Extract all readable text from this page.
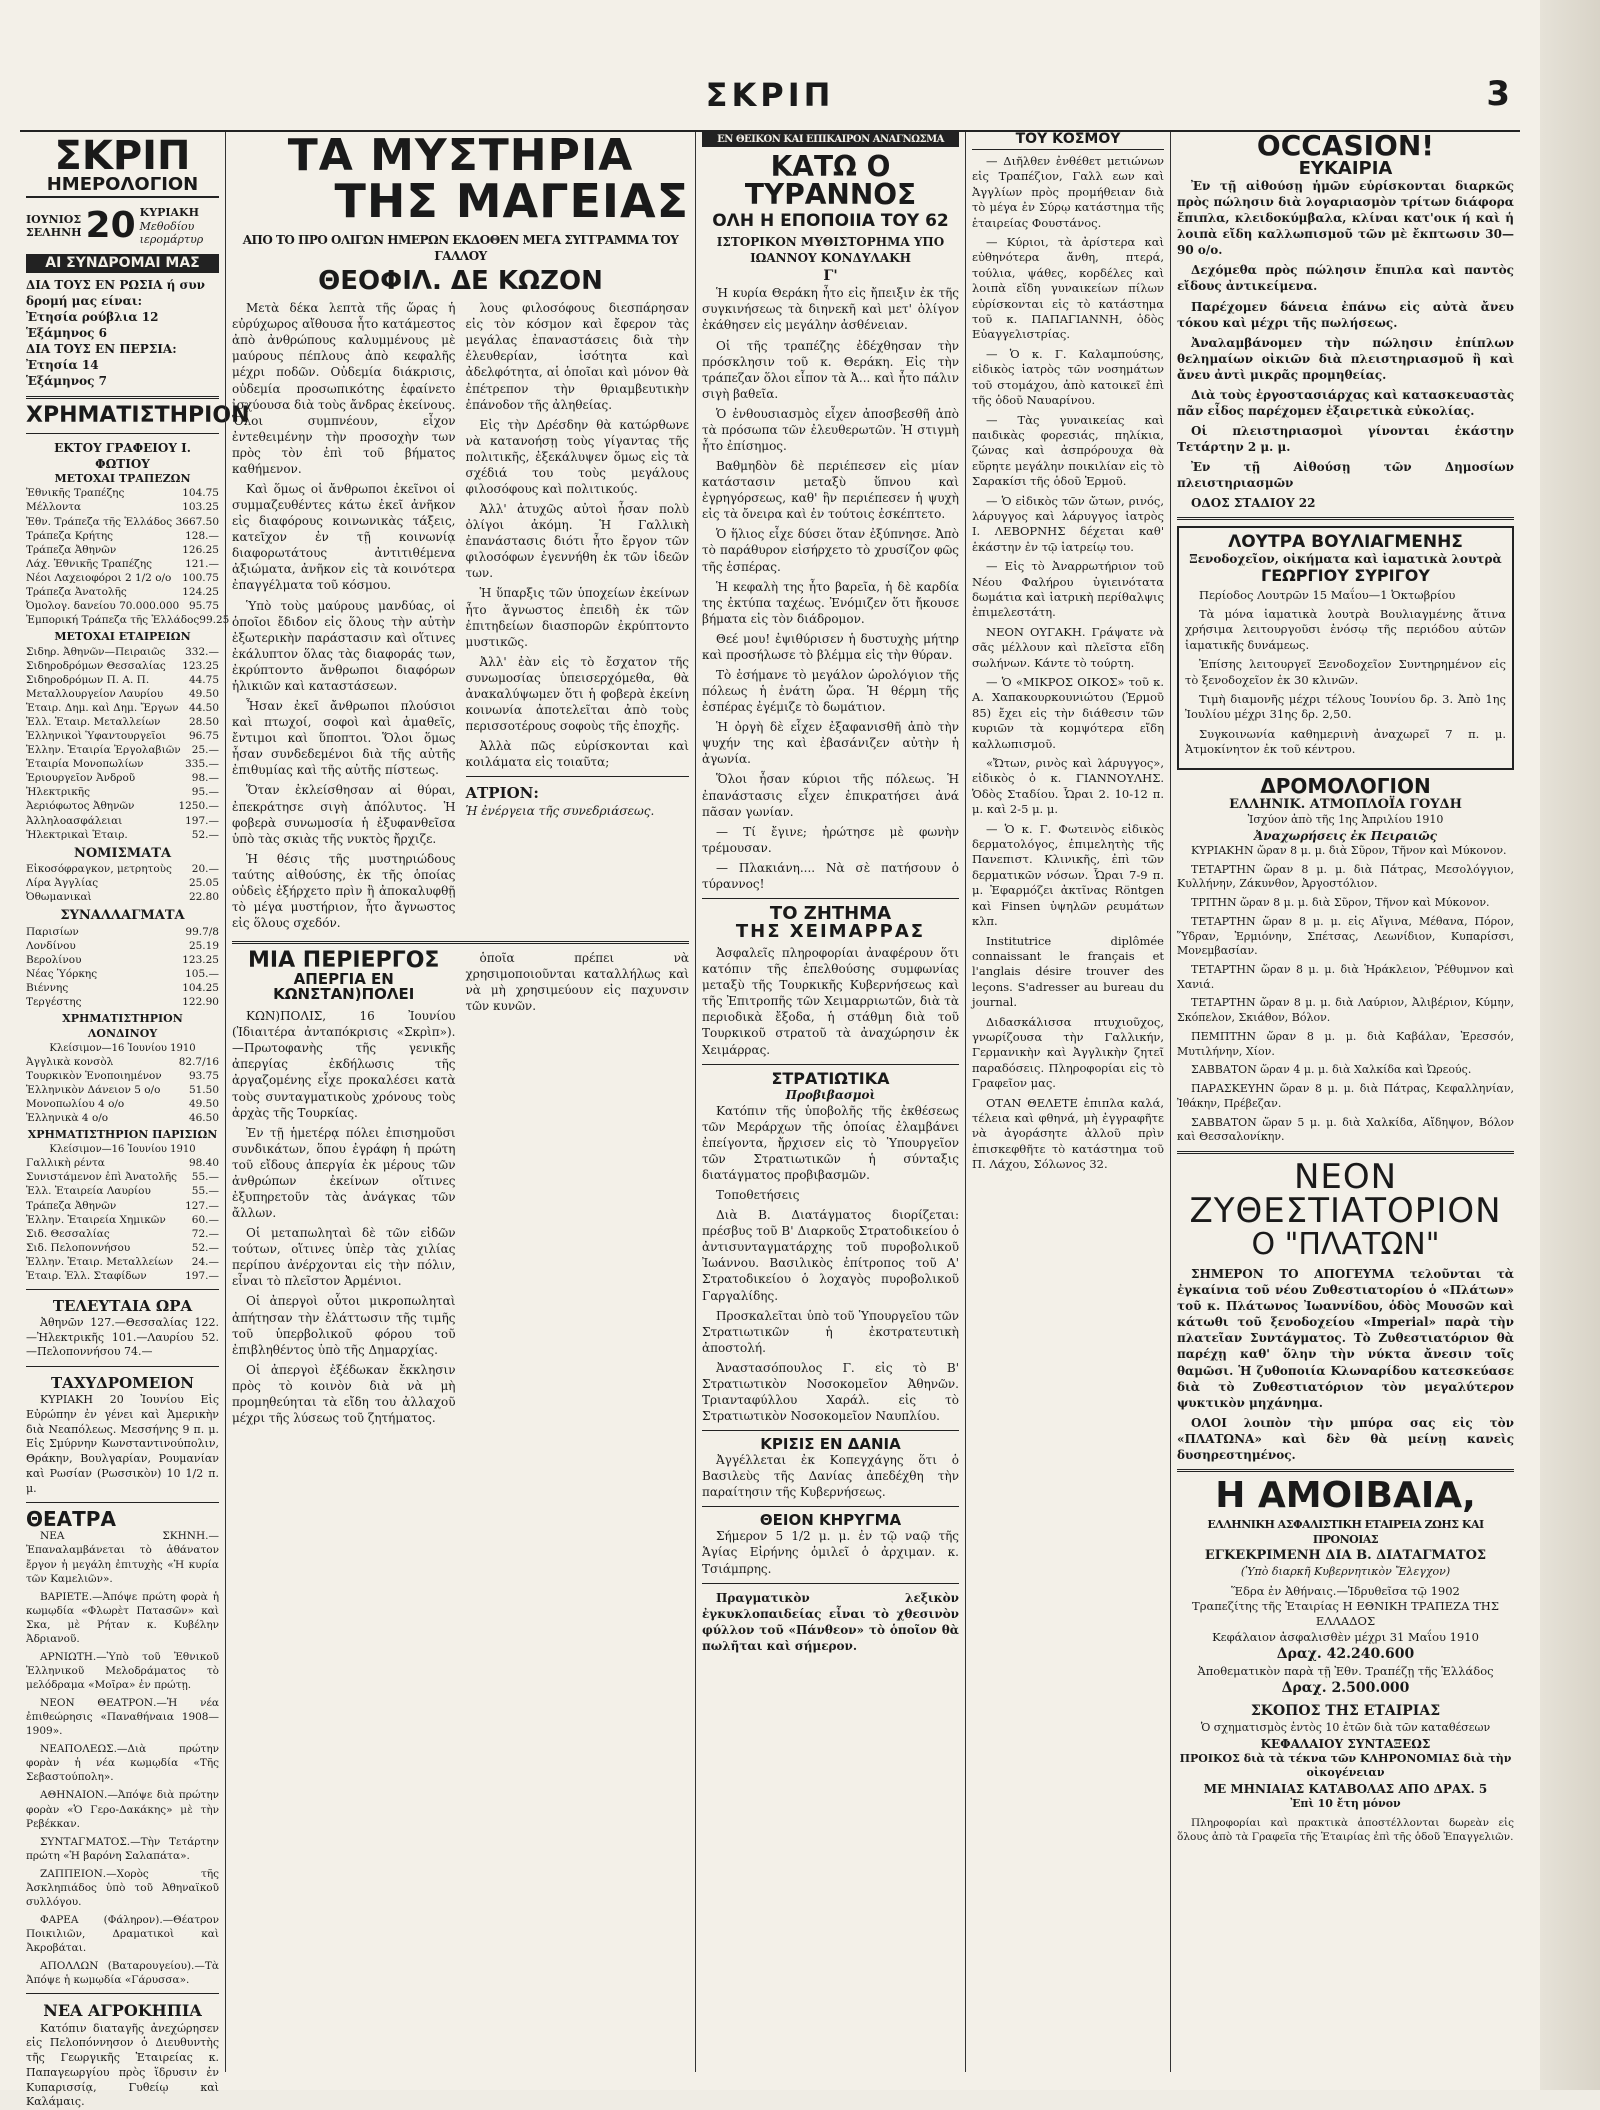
ΣΚΡΙΠ	3
ΣΚΡΙΠ
ΗΜΕΡΟΛΟΓΙΟΝ
ΙΟΥΝΙΟΣ
ΣΕΛΗΝΗ 20 ΚΥΡΙΑΚΗ
Μεθοδίου ιερομάρτυρ
ΑΙ ΣΥΝΔΡΟΜΑΙ ΜΑΣ
ΔΙΑ ΤΟΥΣ ΕΝ ΡΩΣΙΑ ή συν δρομή μας είναι:
Ἐτησία ρούβλια 12
Ἑξάμηνος 6
ΔΙΑ ΤΟΥΣ ΕΝ ΠΕΡΣΙΑ:
Ἐτησία 14
Ἑξάμηνος 7
ΧΡΗΜΑΤΙΣΤΗΡΙΟΝ
ΕΚΤΟΥ ΓΡΑΦΕΙΟΥ Ι. ΦΩΤΙΟΥ
ΜΕΤΟΧΑΙ ΤΡΑΠΕΖΩΝ
Ἐθνικῆς Τραπέζης	104.75
Μέλλοντα	103.25
Ἐθν. Τράπεζα τῆς Ἑλλάδος 3667.50
Τράπεζα Κρήτης	128.—
Τράπεζα Ἀθηνῶν	126.25
Λάχ. Ἐθνικῆς Τραπέζης	121.—
Νέοι Λαχειοφόροι 2 1/2 ο/ο 100.75
Τράπεζα Ἀνατολῆς	124.25
Ὀμολογ. δανείου 70.000.000 95.75
Ἐμπορική Τράπεζα τῆς Ἑλλάδος 99.25
ΜΕΤΟΧΑΙ ΕΤΑΙΡΕΙΩΝ
Σιδηρ. Ἀθηνῶν—Πειραιῶς 332.—
Σιδηροδρόμων Θεσσαλίας 123.25
Σιδηροδρόμων Π. Α. Π.	44.75
Μεταλλουργείον Λαυρίου 49.50
Ἑταιρ. Δημ. καὶ Δημ. Ἔργων 44.50
Ἑλλ. Ἑταιρ. Μεταλλείων	28.50
Ἑλληνικοὶ Ὑφαντουργεῖοι 96.75
Ἑλλην. Ἑταιρία Ἐργολαβιῶν 25.—
Ἑταιρία Μονοπωλίων	335.—
Ἐριουργεῖον Ἀνδροῦ	98.—
Ἠλεκτρικῆς	95.—
Ἀεριόφωτος Ἀθηνῶν	1250.—
Ἀλληλοασφάλειαι	197.—
Ἠλεκτρικαὶ Ἑταιρ.	52.—
ΝΟΜΙΣΜΑΤΑ
Εἰκοσόφραγκον, μετρητοὺς 20.—
Λίρα Ἀγγλίας	25.05
Ὀθωμανικαὶ	22.80
ΣΥΝΑΛΛΑΓΜΑΤΑ
Παρισίων	99.7/8
Λονδίνου	25.19
Βερολίνου	123.25
Νέας Ὑόρκης	105.—
Βιέννης	104.25
Τεργέστης	122.90
ΧΡΗΜΑΤΙΣΤΗΡΙΟΝ ΛΟΝΔΙΝΟΥ
Κλείσιμον—16 Ἰουνίου 1910
Ἀγγλικὰ κονσὸλ	82.7/16
Τουρκικὸν Ἑνοποιημένον	93.75
Ἑλληνικὸν Δάνειον 5 ο/ο	51.50
Μονοπωλίου 4 ο/ο	49.50
Ἑλληνικὰ 4 ο/ο	46.50
ΧΡΗΜΑΤΙΣΤΗΡΙΟΝ ΠΑΡΙΣΙΩΝ
Κλείσιμον—16 Ἰουνίου 1910
Γαλλικὴ ρέντα	98.40
Συνιστάμενον ἐπὶ Ἀνατολῆς 55.—
Ἑλλ. Ἑταιρεία Λαυρίου	55.—
Τράπεζα Ἀθηνῶν	127.—
Ἑλλην. Ἑταιρεία Χημικῶν 60.—
Σιδ. Θεσσαλίας	72.—
Σιδ. Πελοποννήσου	52.—
Ἑλλην. Ἑταιρ. Μεταλλείων 24.—
Ἑταιρ. Ἑλλ. Σταφίδων	197.—
ΤΕΛΕΥΤΑΙΑ ΩΡΑ

Ἀθηνῶν 127.—Θεσσαλίας 122.—Ἠλεκτρικῆς 101.—Λαυρίου 52.—Πελοποννήσου 74.—

ΤΑΧΥΔΡΟΜΕΙΟΝ

ΚΥΡΙΑΚΗ 20 Ἰουνίου Εἰς Εὐρώπην ἐν γένει καὶ Ἀμερικὴν διὰ Νεαπόλεως. Μεσσήνης 9 π. μ. Εἰς Σμύρνην Κωνσταντινούπολιν, Θράκην, Βουλγαρίαν, Ρουμανίαν καὶ Ρωσίαν (Ρωσσικὸν) 10 1/2 π. μ.

ΘΕΑΤΡΑ

ΝΕΑ ΣΚΗΝΗ.—Ἐπαναλαμβάνεται τὸ ἀθάνατον ἔργον ἡ μεγάλη ἐπιτυχὴς «Ἡ κυρία τῶν Καμελιῶν».

ΒΑΡΙΕΤΕ.—Ἀπόψε πρώτη φορὰ ἡ κωμῳδία «Φλωρὲτ Πατασῶν» καὶ Σκα, μὲ Ρήταν κ. Κυβέλην Ἀδριανοῦ.

ΑΡΝΙΩΤΗ.—Ὑπὸ τοῦ Ἐθνικοῦ Ἑλληνικοῦ Μελοδράματος τὸ μελόδραμα «Μοῖρα» ἐν πρώτῃ.

ΝΕΟΝ ΘΕΑΤΡΟΝ.—Ἡ νέα ἐπιθεώρησις «Παναθήναια 1908—1909».

ΝΕΑΠΟΛΕΩΣ.—Διὰ πρώτην φορὰν ἡ νέα κωμῳδία «Τῆς Σεβαστούπολη».

ΑΘΗΝΑΙΟΝ.—Ἀπόψε διὰ πρώτην φορὰν «Ὁ Γερο-Δακάκης» μὲ τὴν Ρεβέκκαν.

ΣΥΝΤΑΓΜΑΤΟΣ.—Τὴν Τετάρτην πρώτη «Ἡ βαρόνη Σαλαπάτα».

ΖΑΠΠΕΙΟΝ.—Χορὸς τῆς Ἀσκληπιάδος ὑπὸ τοῦ Ἀθηναϊκοῦ συλλόγου.

ΦΑΡΕΑ (Φάληρον).—Θέατρον Ποικιλιῶν, Δραματικοὶ καὶ Ἀκροβάται.

ΑΠΟΛΛΩΝ (Βαταρουγείου).—Τὰ Ἀπόψε ἡ κωμῳδία «Γάρυσσα».

ΝΕΑ ΑΓΡΟΚΗΠΙΑ

Κατόπιν διαταγῆς ἀνεχώρησεν εἰς Πελοπόννησον ὁ Διευθυντὴς τῆς Γεωργικῆς Ἑταιρείας κ. Παπαγεωργίου πρὸς ἵδρυσιν ἐν Κυπαρισσίᾳ, Γυθείῳ καὶ Καλάμαις.

ΤΑ ΜΥΣΤΗΡΙΑ
ΤΗΣ ΜΑΓΕΙΑΣ
ΑΠΟ ΤΟ ΠΡΟ ΟΛΙΓΩΝ ΗΜΕΡΩΝ ΕΚΔΟΘΕΝ ΜΕΓΑ ΣΥΓΓΡΑΜΜΑ ΤΟΥ ΓΑΛΛΟΥ
ΘΕΟΦΙΛ. ΔΕ ΚΩΖΟΝ

Μετὰ δέκα λεπτὰ τῆς ὥρας ἡ εὐρύχωρος αἴθουσα ἦτο κατάμεστος ἀπὸ ἀνθρώπους καλυμμένους μὲ μαύρους πέπλους ἀπὸ κεφαλῆς μέχρι ποδῶν. Οὐδεμία διάκρισις, οὐδεμία προσωπικότης ἐφαίνετο ἰσχύουσα διὰ τοὺς ἄνδρας ἐκείνους. Ὅλοι συμπνέουν, εἶχον ἐντεθειμένην τὴν προσοχὴν των πρὸς τὸν ἐπὶ τοῦ βήματος καθήμενον.

Καὶ ὅμως οἱ ἄνθρωποι ἐκεῖνοι οἱ συμμαζευθέντες κάτω ἐκεῖ ἀνῆκον εἰς διαφόρους κοινωνικὰς τάξεις, κατεῖχον ἐν τῇ κοινωνίᾳ διαφορωτάτους ἀντιτιθέμενα ἀξιώματα, ἀνῆκον εἰς τὰ κοινότερα ἐπαγγέλματα τοῦ κόσμου.

Ὑπὸ τοὺς μαύρους μανδύας, οἱ ὁποῖοι ἔδιδον εἰς ὅλους τὴν αὐτὴν ἐξωτερικὴν παράστασιν καὶ οἵτινες ἐκάλυπτον ὅλας τὰς διαφοράς των, ἐκρύπτοντο ἄνθρωποι διαφόρων ἡλικιῶν καὶ καταστάσεων.

Ἦσαν ἐκεῖ ἄνθρωποι πλούσιοι καὶ πτωχοί, σοφοὶ καὶ ἀμαθεῖς, ἔντιμοι καὶ ὕποπτοι. Ὅλοι ὅμως ἦσαν συνδεδεμένοι διὰ τῆς αὐτῆς ἐπιθυμίας καὶ τῆς αὐτῆς πίστεως.

Ὅταν ἐκλείσθησαν αἱ θύραι, ἐπεκράτησε σιγὴ ἀπόλυτος. Ἡ φοβερὰ συνωμοσία ἡ ἐξυφανθεῖσα ὑπὸ τὰς σκιὰς τῆς νυκτὸς ἤρχιζε.

Ἡ θέσις τῆς μυστηριώδους ταύτης αἰθούσης, ἐκ τῆς ὁποίας οὐδεὶς ἐξήρχετο πρὶν ἢ ἀποκαλυφθῇ τὸ μέγα μυστήριον, ἦτο ἄγνωστος εἰς ὅλους σχεδόν.

λους φιλοσόφους διεσπάρησαν εἰς τὸν κόσμον καὶ ἔφερον τὰς μεγάλας ἐπαναστάσεις διὰ τὴν ἐλευθερίαν, ἰσότητα καὶ ἀδελφότητα, αἱ ὁποῖαι καὶ μόνον θὰ ἐπέτρεπον τὴν θριαμβευτικὴν ἐπάνοδον τῆς ἀληθείας.

Εἰς τὴν Δρέσδην θὰ κατώρθωνε νὰ κατανοήσῃ τοὺς γίγαντας τῆς πολιτικῆς, ἐξεκάλυψεν ὅμως εἰς τὰ σχέδιά του τοὺς μεγάλους φιλοσόφους καὶ πολιτικούς.

Ἀλλ' ἀτυχῶς αὐτοὶ ἦσαν πολὺ ὀλίγοι ἀκόμη. Ἡ Γαλλικὴ ἐπανάστασις διότι ἦτο ἔργον τῶν φιλοσόφων ἐγεννήθη ἐκ τῶν ἰδεῶν των.

Ἡ ὕπαρξις τῶν ὑποχείων ἐκείνων ἦτο ἄγνωστος ἐπειδὴ ἐκ τῶν ἐπιτηδείων διασπορῶν ἐκρύπτοντο μυστικῶς.

Ἀλλ' ἐὰν εἰς τὸ ἔσχατον τῆς συνωμοσίας ὑπεισερχόμεθα, θὰ ἀνακαλύψωμεν ὅτι ἡ φοβερὰ ἐκείνη κοινωνία ἀποτελεῖται ἀπὸ τοὺς περισσοτέρους σοφοὺς τῆς ἐποχῆς.

Ἀλλὰ πῶς εὑρίσκονται καὶ κοιλάματα εἰς τοιαῦτα;

ΑΤΡΙΟΝ:
Ἡ ἐνέργεια τῆς συνεδριάσεως.
ΜΙΑ ΠΕΡΙΕΡΓΟΣ
ΑΠΕΡΓΙΑ ΕΝ ΚΩΝΣΤΑΝ)ΠΟΛΕΙ

ΚΩΝ)ΠΟΛΙΣ, 16 Ἰουνίου (Ἰδιαιτέρα ἀνταπόκρισις «Σκρὶπ»).—Πρωτοφανὴς τῆς γενικῆς ἀπεργίας ἐκδήλωσις τῆς ἀργαζομένης εἶχε προκαλέσει κατὰ τοὺς συνταγματικοὺς χρόνους τοὺς ἀρχὰς τῆς Τουρκίας.

Ἐν τῇ ἡμετέρᾳ πόλει ἐπισημοῦσι συνδικάτων, ὅπου ἐγράφη ἡ πρώτη τοῦ εἴδους ἀπεργία ἐκ μέρους τῶν ἀνθρώπων ἐκείνων οἵτινες ἐξυπηρετοῦν τὰς ἀνάγκας τῶν ἄλλων.

Οἱ μεταπωληταὶ δὲ τῶν εἰδῶν τούτων, οἵτινες ὑπὲρ τὰς χιλίας περίπου ἀνέρχονται εἰς τὴν πόλιν, εἶναι τὸ πλεῖστον Ἀρμένιοι.

Οἱ ἀπεργοὶ οὗτοι μικροπωληταὶ ἀπήτησαν τὴν ἐλάττωσιν τῆς τιμῆς τοῦ ὑπερβολικοῦ φόρου τοῦ ἐπιβληθέντος ὑπὸ τῆς Δημαρχίας.

Οἱ ἀπεργοὶ ἐξέδωκαν ἔκκλησιν πρὸς τὸ κοινὸν διὰ νὰ μὴ προμηθεύηται τὰ εἴδη του ἀλλαχοῦ μέχρι τῆς λύσεως τοῦ ζητήματος.

ὁποῖα πρέπει νὰ χρησιμοποιοῦνται καταλλήλως καὶ νὰ μὴ χρησιμεύουν εἰς παχυνσιν τῶν κυνῶν.

ΕΝ ΘΕΙΚΟΝ ΚΑΙ ΕΠΙΚΑΙΡΟΝ ΑΝΑΓΝΩΣΜΑ
ΚΑΤΩ Ο ΤΥΡΑΝΝΟΣ
ΟΛΗ Η ΕΠΟΠΟΙΙΑ ΤΟΥ 62
ΙΣΤΟΡΙΚΟΝ ΜΥΘΙΣΤΟΡΗΜΑ ΥΠΟ
ΙΩΑΝΝΟΥ ΚΟΝΔΥΛΑΚΗ
Γ'

Ἡ κυρία Θεράκη ἦτο εἰς ἤπειξιν ἐκ τῆς συγκινήσεως τὰ διηνεκῆ καὶ μετ' ὀλίγον ἐκάθησεν εἰς μεγάλην ἀσθένειαν.

Οἱ τῆς τραπέζης ἐδέχθησαν τὴν πρόσκλησιν τοῦ κ. Θεράκη. Εἰς τὴν τράπεζαν ὅλοι εἶπον τὰ Ἀ... καὶ ἦτο πάλιν σιγὴ βαθεῖα.

Ὁ ἐνθουσιασμὸς εἶχεν ἀποσβεσθῆ ἀπὸ τὰ πρόσωπα τῶν ἐλευθερωτῶν. Ἡ στιγμὴ ἦτο ἐπίσημος.

Βαθμηδὸν δὲ περιέπεσεν εἰς μίαν κατάστασιν μεταξὺ ὕπνου καὶ ἐγρηγόρσεως, καθ' ἣν περιέπεσεν ἡ ψυχὴ εἰς τὰ ὄνειρα καὶ ἐν τούτοις ἐσκέπτετο.

Ὁ ἥλιος εἶχε δύσει ὅταν ἐξύπνησε. Ἀπὸ τὸ παράθυρον εἰσήρχετο τὸ χρυσίζον φῶς τῆς ἑσπέρας.

Ἡ κεφαλὴ της ἦτο βαρεῖα, ἡ δὲ καρδία της ἐκτύπα ταχέως. Ἐνόμιζεν ὅτι ἤκουσε βήματα εἰς τὸν διάδρομον.

Θεέ μου! ἐψιθύρισεν ἡ δυστυχὴς μήτηρ καὶ προσήλωσε τὸ βλέμμα εἰς τὴν θύραν.

Τὸ ἐσήμανε τὸ μεγάλον ὡρολόγιον τῆς πόλεως ἡ ἐνάτη ὥρα. Ἡ θέρμη τῆς ἐσπέρας ἐγέμιζε τὸ δωμάτιον.

Ἡ ὀργὴ δὲ εἶχεν ἐξαφανισθῆ ἀπὸ τὴν ψυχήν της καὶ ἐβασάνιζεν αὐτὴν ἡ ἀγωνία.

Ὅλοι ἦσαν κύριοι τῆς πόλεως. Ἡ ἐπανάστασις εἶχεν ἐπικρατήσει ἀνά πᾶσαν γωνίαν.

— Τί ἔγινε; ἠρώτησε μὲ φωνὴν τρέμουσαν.

— Πλακιάνη.... Νὰ σὲ πατήσουν ὁ τύραννος!

ΤΟ ΖΗΤΗΜΑ
ΤΗΣ ΧΕΙΜΑΡΡΑΣ

Ἀσφαλεῖς πληροφορίαι ἀναφέρουν ὅτι κατόπιν τῆς ἐπελθούσης συμφωνίας μεταξὺ τῆς Τουρκικῆς Κυβερνήσεως καὶ τῆς Ἐπιτροπῆς τῶν Χειμαρριωτῶν, διὰ τὰ περιοδικὰ ἔξοδα, ἡ στάθμη διὰ τοῦ Τουρκικοῦ στρατοῦ τὰ ἀναχώρησιν ἐκ Χειμάρρας.

ΣΤΡΑΤΙΩΤΙΚΑ
Προβιβασμοὶ

Κατόπιν τῆς ὑποβολῆς τῆς ἐκθέσεως τῶν Μεράρχων τῆς ὁποίας ἐλαμβάνει ἐπείγοντα, ἤρχισεν εἰς τὸ Ὑπουργεῖον τῶν Στρατιωτικῶν ἡ σύνταξις διατάγματος προβιβασμῶν.

Τοποθετήσεις

Διὰ Β. Διατάγματος διορίζεται: πρέσβυς τοῦ Β' Διαρκοῦς Στρατοδικείου ὁ ἀντισυνταγματάρχης τοῦ πυροβολικοῦ Ἰωάννου. Βασιλικὸς ἐπίτροπος τοῦ Α' Στρατοδικείου ὁ λοχαγὸς πυροβολικοῦ Γαργαλίδης.

Προσκαλεῖται ὑπὸ τοῦ Ὑπουργεῖου τῶν Στρατιωτικῶν ἡ ἐκστρατευτικὴ ἀποστολή.

Ἀναστασόπουλος Γ. εἰς τὸ Β' Στρατιωτικὸν Νοσοκομεῖον Ἀθηνῶν. Τριανταφύλλου Χαράλ. εἰς τὸ Στρατιωτικὸν Νοσοκομεῖον Ναυπλίου.

ΚΡΙΣΙΣ ΕΝ ΔΑΝΙΑ

Ἀγγέλλεται ἐκ Κοπεγχάγης ὅτι ὁ Βασιλεὺς τῆς Δανίας ἀπεδέχθη τὴν παραίτησιν τῆς Κυβερνήσεως.

ΘΕΙΟΝ ΚΗΡΥΓΜΑ

Σήμερον 5 1/2 μ. μ. ἐν τῷ ναῷ τῆς Ἁγίας Εἰρήνης ὁμιλεῖ ὁ ἀρχιμαν. κ. Τσιάμπρης.

Πραγματικὸν λεξικὸν ἐγκυκλοπαιδείας εἶναι τὸ χθεσινὸν φύλλον τοῦ «Πάνθεον» τὸ ὁποῖον θὰ πωλῆται καὶ σήμερον.

ΤΟΥ ΚΟΣΜΟΥ

— Διῆλθεν ἐνθέθετ μετιώνων εἰς Τραπέζιον, Γαλλ εων καὶ Ἀγγλίων πρὸς προμήθειαν διὰ τὸ μέγα ἐν Σύρῳ κατάστημα τῆς ἑταιρείας Φουστάνος.

— Κύριοι, τὰ ἀρίστερα καὶ εὐθηνότερα ἄνθη, πτερά, τούλια, ψάθες, κορδέλες καὶ λοιπὰ εἴδη γυναικείων πίλων εὑρίσκονται εἰς τὸ κατάστημα τοῦ κ. ΠΑΠΑΓΙΑΝΝΗ, ὁδὸς Εὐαγγελιστρίας.

— Ὁ κ. Γ. Καλαμπούσης, εἰδικὸς ἰατρὸς τῶν νοσημάτων τοῦ στομάχου, ἀπὸ κατοικεῖ ἐπὶ τῆς ὁδοῦ Ναυαρίνου.

— Τὰς γυναικείας καὶ παιδικὰς φορεσιάς, πηλίκια, ζώνας καὶ ἀσπρόρουχα θὰ εὕρητε μεγάλην ποικιλίαν εἰς τὸ Σαρακίσι τῆς ὁδοῦ Ἑρμοῦ.

— Ὁ εἰδικὸς τῶν ὤτων, ρινός, λάρυγγος καὶ λάρυγγος ἰατρὸς Ι. ΛΕΒΟΡΝΗΣ δέχεται καθ' ἑκάστην ἐν τῷ ἰατρείῳ του.

— Εἰς τὸ Ἀναρρωτήριον τοῦ Νέου Φαλήρου ὑγιεινότατα δωμάτια καὶ ἰατρικὴ περίθαλψις ἐπιμελεστάτη.

ΝΕΟΝ ΟΥΓΑΚΗ. Γράψατε νὰ σᾶς μέλλουν καὶ πλεῖστα εἴδη σωλήνων. Κάντε τὸ τούρτη.

— Ὁ «ΜΙΚΡΟΣ ΟΙΚΟΣ» τοῦ κ. Α. Χαπακουρκουνιώτου (Ἑρμοῦ 85) ἔχει εἰς τὴν διάθεσιν τῶν κυριῶν τὰ κομψότερα εἴδη καλλωπισμοῦ.

«Ὤτων, ρινὸς καὶ λάρυγγος», εἰδικὸς ὁ κ. ΓΙΑΝΝΟΥΛΗΣ. Ὁδὸς Σταδίου. Ὧραι 2. 10-12 π. μ. καὶ 2-5 μ. μ.

— Ὁ κ. Γ. Φωτεινὸς εἰδικὸς δερματολόγος, ἐπιμελητὴς τῆς Πανεπιστ. Κλινικῆς, ἐπὶ τῶν δερματικῶν νόσων. Ὧραι 7-9 π. μ. Ἐφαρμόζει ἀκτῖνας Röntgen καὶ Finsen ὑψηλῶν ρευμάτων κλπ.

Institutrice diplômée connaissant le français et l'anglais désire trouver des leçons. S'adresser au bureau du journal.

Διδασκάλισσα πτυχιοῦχος, γνωρίζουσα τὴν Γαλλικήν, Γερμανικὴν καὶ Ἀγγλικὴν ζητεῖ παραδόσεις. Πληροφορίαι εἰς τὸ Γραφεῖον μας.

ΟΤΑΝ ΘΕΛΕΤΕ ἐπιπλα καλά, τέλεια καὶ φθηνά, μὴ ἐγγραφῆτε νὰ ἀγοράσητε ἀλλοῦ πρὶν ἐπισκεφθῆτε τὸ κατάστημα τοῦ Π. Λάχου, Σόλωνος 32.

OCCASION!
ΕΥΚΑΙΡΙΑ

Ἐν τῇ αἰθούσῃ ἡμῶν εὑρίσκονται διαρκῶς πρὸς πώλησιν διὰ λογαριασμὸν τρίτων διάφορα ἔπιπλα, κλειδοκύμβαλα, κλίναι κατ'οικ ή καὶ ἡ λοιπὰ εἴδη καλλωπισμοῦ τῶν μὲ ἔκπτωσιν 30—90 ο/ο.

Δεχόμεθα πρὸς πώλησιν ἔπιπλα καὶ παντὸς εἴδους ἀντικείμενα.

Παρέχομεν δάνεια ἐπάνω εἰς αὐτὰ ἄνευ τόκου καὶ μέχρι τῆς πωλήσεως.

Ἀναλαμβάνομεν τὴν πώλησιν ἐπίπλων θελημαίων οἰκιῶν διὰ πλειστηριασμοῦ ἢ καὶ ἄνευ ἀντὶ μικρᾶς προμηθείας.

Διὰ τοὺς ἐργοστασιάρχας καὶ κατασκευαστὰς πᾶν εἶδος παρέχομεν ἐξαιρετικὰ εὐκολίας.

Οἱ πλειστηριασμοὶ γίνονται ἑκάστην Τετάρτην 2 μ. μ.

Ἐν τῇ Αἰθούσῃ τῶν Δημοσίων πλειστηριασμῶν

ΟΔΟΣ ΣΤΑΔΙΟΥ 22

ΛΟΥΤΡΑ ΒΟΥΛΙΑΓΜΕΝΗΣ
Ξενοδοχεῖον, οἰκήματα καὶ ἰαματικὰ λουτρὰ
ΓΕΩΡΓΙΟΥ ΣΥΡΙΓΟΥ

Περίοδος Λουτρῶν 15 Μαΐου—1 Ὀκτωβρίου

Τὰ μόνα ἰαματικὰ λουτρὰ Βουλιαγμένης ἅτινα χρήσιμα λειτουργοῦσι ἐνόσῳ τῆς περιόδου αὐτῶν ἰαματικῆς δυνάμεως.

Ἐπίσης λειτουργεῖ Ξενοδοχεῖον Συντηρημένον εἰς τὸ ξενοδοχεῖον ἐκ 30 κλινῶν.

Τιμὴ διαμονῆς μέχρι τέλους Ἰουνίου δρ. 3. Ἀπὸ 1ης Ἰουλίου μέχρι 31ης δρ. 2,50.

Συγκοινωνία καθημερινὴ ἀναχωρεῖ 7 π. μ. Ἀτμοκίνητον ἐκ τοῦ κέντρου.

ΔΡΟΜΟΛΟΓΙΟΝ
ΕΛΛΗΝΙΚ. ΑΤΜΟΠΛΟΪΑ ΓΟΥΔΗ
Ἰσχύον ἀπὸ τῆς 1ης Ἀπριλίου 1910
Ἀναχωρήσεις ἐκ Πειραιῶς

ΚΥΡΙΑΚΗΝ ὥραν 8 μ. μ. διὰ Σῦρον, Τῆνον καὶ Μύκονον.

ΤΕΤΑΡΤΗΝ ὥραν 8 μ. μ. διὰ Πάτρας, Μεσολόγγιον, Κυλλήνην, Ζάκυνθον, Ἀργοστόλιον.

ΤΡΙΤΗΝ ὥραν 8 μ. μ. διὰ Σῦρον, Τῆνον καὶ Μύκονον.

ΤΕΤΑΡΤΗΝ ὥραν 8 μ. μ. εἰς Αἴγινα, Μέθανα, Πόρον, Ὕδραν, Ἑρμιόνην, Σπέτσας, Λεωνίδιον, Κυπαρίσσι, Μονεμβασίαν.

ΤΕΤΑΡΤΗΝ ὥραν 8 μ. μ. διὰ Ἡράκλειον, Ῥέθυμνον καὶ Χανιά.

ΤΕΤΑΡΤΗΝ ὥραν 8 μ. μ. διὰ Λαύριον, Ἀλιβέριον, Κύμην, Σκόπελον, Σκιάθον, Βόλον.

ΠΕΜΠΤΗΝ ὥραν 8 μ. μ. διὰ Καβάλαν, Ἐρεσσόν, Μυτιλήνην, Χίον.

ΣΑΒΒΑΤΟΝ ὥραν 4 μ. μ. διὰ Χαλκίδα καὶ Ὠρεούς.

ΠΑΡΑΣΚΕΥΗΝ ὥραν 8 μ. μ. διὰ Πάτρας, Κεφαλληνίαν, Ἰθάκην, Πρέβεζαν.

ΣΑΒΒΑΤΟΝ ὥραν 5 μ. μ. διὰ Χαλκίδα, Αἴδηψον, Βόλον καὶ Θεσσαλονίκην.

ΝΕΟΝ ΖΥΘΕΣΤΙΑΤΟΡΙΟΝ
Ο "ΠΛΑΤΩΝ"

ΣΗΜΕΡΟΝ ΤΟ ΑΠΟΓΕΥΜΑ τελοῦνται τὰ ἐγκαίνια τοῦ νέου Ζυθεστιατορίου ὁ «Πλάτων» τοῦ κ. Πλάτωνος Ἰωαννίδου, ὁδὸς Μουσῶν καὶ κάτωθι τοῦ ξενοδοχείου «Imperial» παρὰ τὴν πλατεῖαν Συντάγματος. Τὸ Ζυθεστιατόριον θὰ παρέχῃ καθ' ὅλην τὴν νύκτα ἄνεσιν τοῖς θαμῶσι. Ἡ ζυθοποιία Κλωναρίδου κατεσκεύασε διὰ τὸ Ζυθεστιατόριον τὸν μεγαλύτερον ψυκτικὸν μηχάνημα.

ΟΛΟΙ λοιπὸν τὴν μπύρα σας εἰς τὸν «ΠΛΑΤΩΝΑ» καὶ δὲν θὰ μείνῃ κανεὶς δυσηρεστημένος.

Η ΑΜΟΙΒΑΙΑ,
ΕΛΛΗΝΙΚΗ ΑΣΦΑΛΙΣΤΙΚΗ ΕΤΑΙΡΕΙΑ ΖΩΗΣ ΚΑΙ ΠΡΟΝΟΙΑΣ
ΕΓΚΕΚΡΙΜΕΝΗ ΔΙΑ Β. ΔΙΑΤΑΓΜΑΤΟΣ
(Ὑπὸ διαρκῆ Κυβερνητικὸν Ἔλεγχον)
Ἕδρα ἐν Ἀθήναις.—Ἱδρυθεῖσα τῷ 1902
Τραπεζίτης τῆς Ἑταιρίας Η ΕΘΝΙΚΗ ΤΡΑΠΕΖΑ ΤΗΣ ΕΛΛΑΔΟΣ
Κεφάλαιον ἀσφαλισθὲν μέχρι 31 Μαΐου 1910
Δραχ. 42.240.600
Ἀποθεματικὸν παρὰ τῇ Ἐθν. Τραπέζῃ τῆς Ἑλλάδος
Δραχ. 2.500.000
ΣΚΟΠΟΣ ΤΗΣ ΕΤΑΙΡΙΑΣ
Ὁ σχηματισμὸς ἐντὸς 10 ἐτῶν διὰ τῶν καταθέσεων
ΚΕΦΑΛΑΙΟΥ ΣΥΝΤΑΞΕΩΣ
ΠΡΟΙΚΟΣ διὰ τὰ τέκνα τῶν ΚΛΗΡΟΝΟΜΙΑΣ διὰ τὴν οἰκογένειαν
ΜΕ ΜΗΝΙΑΙΑΣ ΚΑΤΑΒΟΛΑΣ ΑΠΟ ΔΡΑΧ. 5
Ἐπὶ 10 ἔτη μόνον

Πληροφορίαι καὶ πρακτικὰ ἀποστέλλονται δωρεὰν εἰς ὅλους ἀπὸ τὰ Γραφεῖα τῆς Ἑταιρίας ἐπὶ τῆς ὁδοῦ Ἐπαγγελιῶν.
